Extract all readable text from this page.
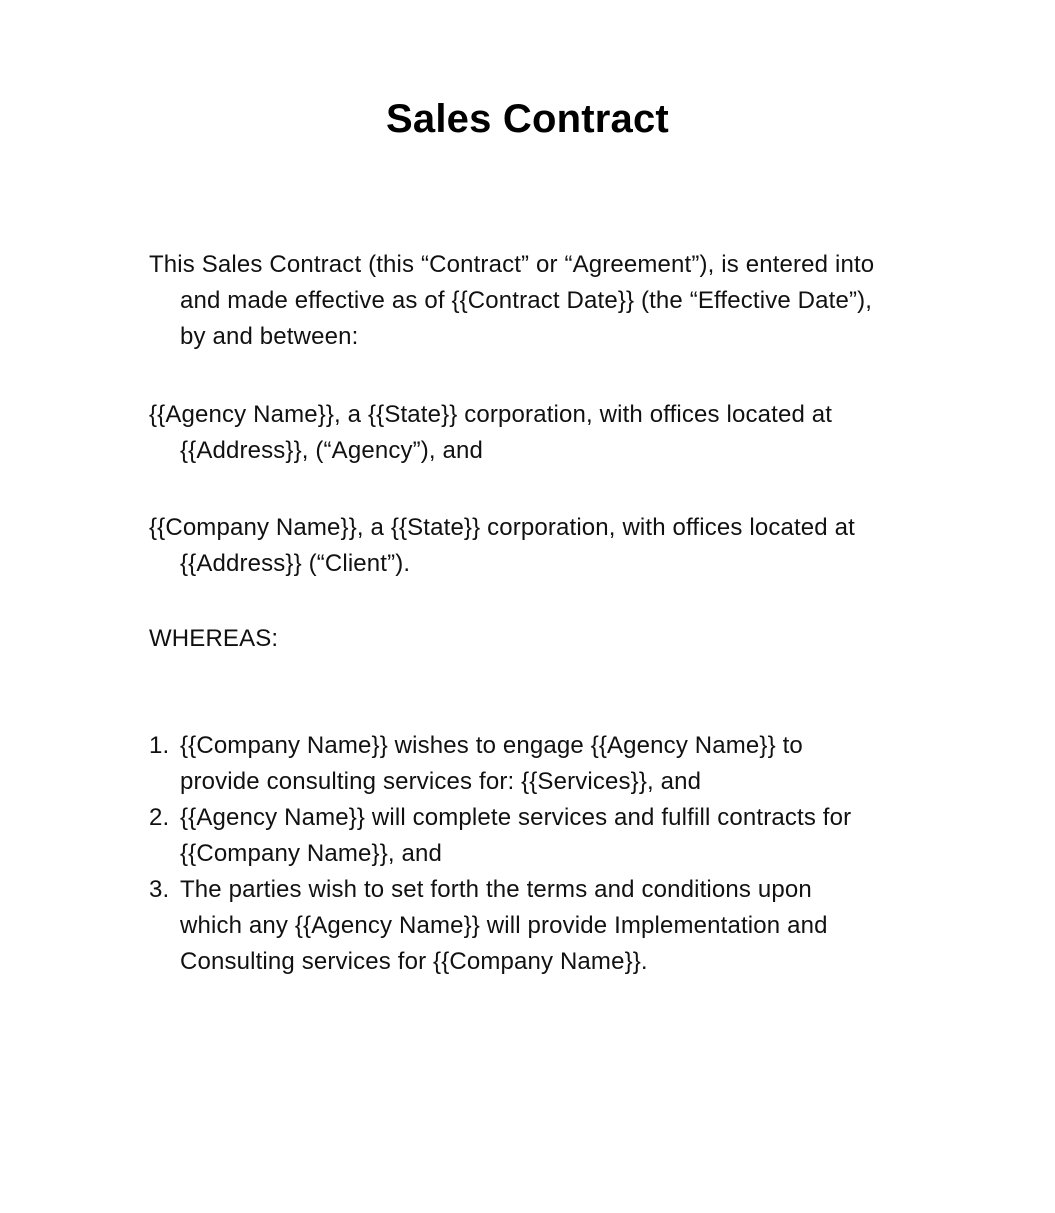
Sales Contract
This Sales Contract (this “Contract” or “Agreement”), is entered into
and made effective as of {{Contract Date}} (the “Effective Date”),
by and between:
{{Agency Name}}, a {{State}} corporation, with offices located at
{{Address}}, (“Agency”), and
{{Company Name}}, a {{State}} corporation, with offices located at
{{Address}} (“Client”).
WHEREAS:
1. {{Company Name}} wishes to engage {{Agency Name}} to
provide consulting services for: {{Services}}, and
2. {{Agency Name}} will complete services and fulfill contracts for
{{Company Name}}, and
3. The parties wish to set forth the terms and conditions upon
which any {{Agency Name}} will provide Implementation and
Consulting services for {{Company Name}}.
